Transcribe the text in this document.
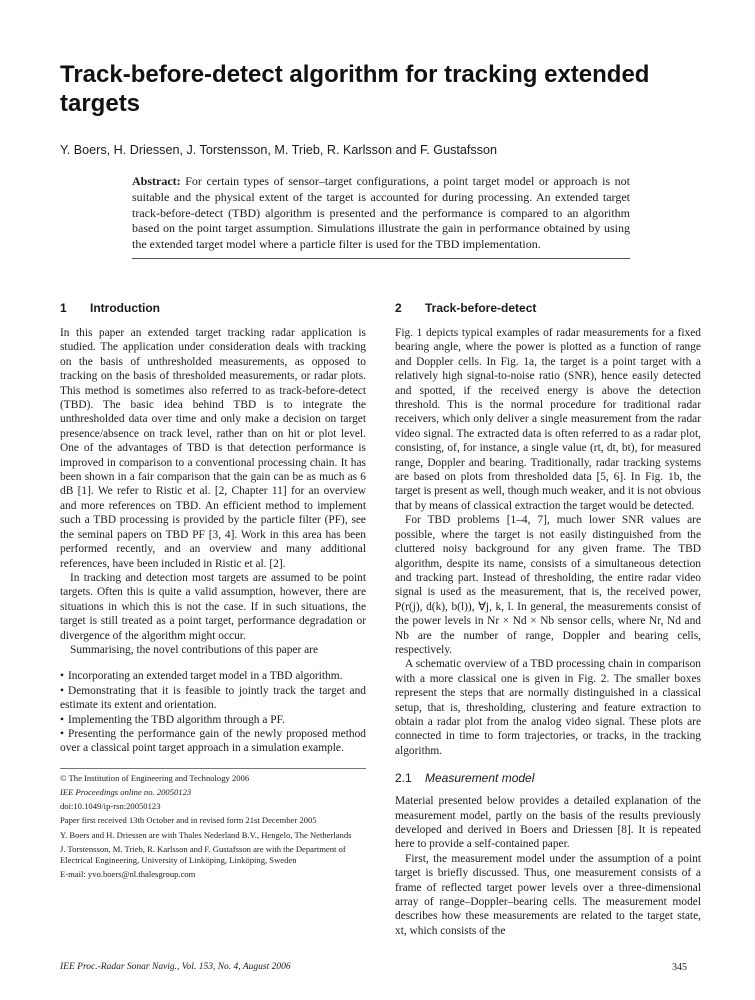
Track-before-detect algorithm for tracking extended targets

Y. Boers, H. Driessen, J. Torstensson, M. Trieb, R. Karlsson and F. Gustafsson

Abstract: For certain types of sensor–target configurations, a point target model or approach is not suitable and the physical extent of the target is accounted for during processing. An extended target track-before-detect (TBD) algorithm is presented and the performance is compared to an algorithm based on the point target assumption. Simulations illustrate the gain in performance obtained by using the extended target model where a particle filter is used for the TBD implementation.

1 Introduction

In this paper an extended target tracking radar application is studied. The application under consideration deals with tracking on the basis of unthresholded measurements, as opposed to tracking on the basis of thresholded measurements, or radar plots. This method is sometimes also referred to as track-before-detect (TBD). The basic idea behind TBD is to integrate the unthresholded data over time and only make a decision on target presence/absence on track level, rather than on hit or plot level. One of the advantages of TBD is that detection performance is improved in comparison to a conventional processing chain. It has been shown in a fair comparison that the gain can be as much as 6 dB [1]. We refer to Ristic et al. [2, Chapter 11] for an overview and more references on TBD. An efficient method to implement such a TBD processing is provided by the particle filter (PF), see the seminal papers on TBD PF [3, 4]. Work in this area has been performed recently, and an overview and many additional references, have been included in Ristic et al. [2].

In tracking and detection most targets are assumed to be point targets. Often this is quite a valid assumption, however, there are situations in which this is not the case. If in such situations, the target is still treated as a point target, performance degradation or divergence of the algorithm might occur.

Summarising, the novel contributions of this paper are

• Incorporating an extended target model in a TBD algorithm.
• Demonstrating that it is feasible to jointly track the target and estimate its extent and orientation.
• Implementing the TBD algorithm through a PF.
• Presenting the performance gain of the newly proposed method over a classical point target approach in a simulation example.

© The Institution of Engineering and Technology 2006

IEE Proceedings online no. 20050123

doi:10.1049/ip-rsn:20050123

Paper first received 13th October and in revised form 21st December 2005

Y. Boers and H. Driessen are with Thales Nederland B.V., Hengelo, The Netherlands

J. Torstensson, M. Trieb, R. Karlsson and F. Gustafsson are with the Department of Electrical Engineering, University of Linköping, Linköping, Sweden

E-mail: yvo.boers@nl.thalesgroup.com

2 Track-before-detect

Fig. 1 depicts typical examples of radar measurements for a fixed bearing angle, where the power is plotted as a function of range and Doppler cells. In Fig. 1a, the target is a point target with a relatively high signal-to-noise ratio (SNR), hence easily detected and spotted, if the received energy is above the detection threshold. This is the normal procedure for traditional radar receivers, which only deliver a single measurement from the radar video signal. The extracted data is often referred to as a radar plot, consisting, of, for instance, a single value (rt, dt, bt), for measured range, Doppler and bearing. Traditionally, radar tracking systems are based on plots from thresholded data [5, 6]. In Fig. 1b, the target is present as well, though much weaker, and it is not obvious that by means of classical extraction the target would be detected.

For TBD problems [1–4, 7], much lower SNR values are possible, where the target is not easily distinguished from the cluttered noisy background for any given frame. The TBD algorithm, despite its name, consists of a simultaneous detection and tracking part. Instead of thresholding, the entire radar video signal is used as the measurement, that is, the received power, P(r(j), d(k), b(l)), ∀j, k, l. In general, the measurements consist of the power levels in Nr × Nd × Nb sensor cells, where Nr, Nd and Nb are the number of range, Doppler and bearing cells, respectively.

A schematic overview of a TBD processing chain in comparison with a more classical one is given in Fig. 2. The smaller boxes represent the steps that are normally distinguished in a classical setup, that is, thresholding, clustering and feature extraction to obtain a radar plot from the analog video signal. These plots are connected in time to form trajectories, or tracks, in the tracking algorithm.

2.1 Measurement model

Material presented below provides a detailed explanation of the measurement model, partly on the basis of the results previously developed and derived in Boers and Driessen [8]. It is repeated here to provide a self-contained paper.

First, the measurement model under the assumption of a point target is briefly discussed. Thus, one measurement consists of a frame of reflected target power levels over a three-dimensional array of range–Doppler–bearing cells. The measurement model describes how these measurements are related to the target state, xt, which consists of the

IEE Proc.-Radar Sonar Navig., Vol. 153, No. 4, August 2006	345
